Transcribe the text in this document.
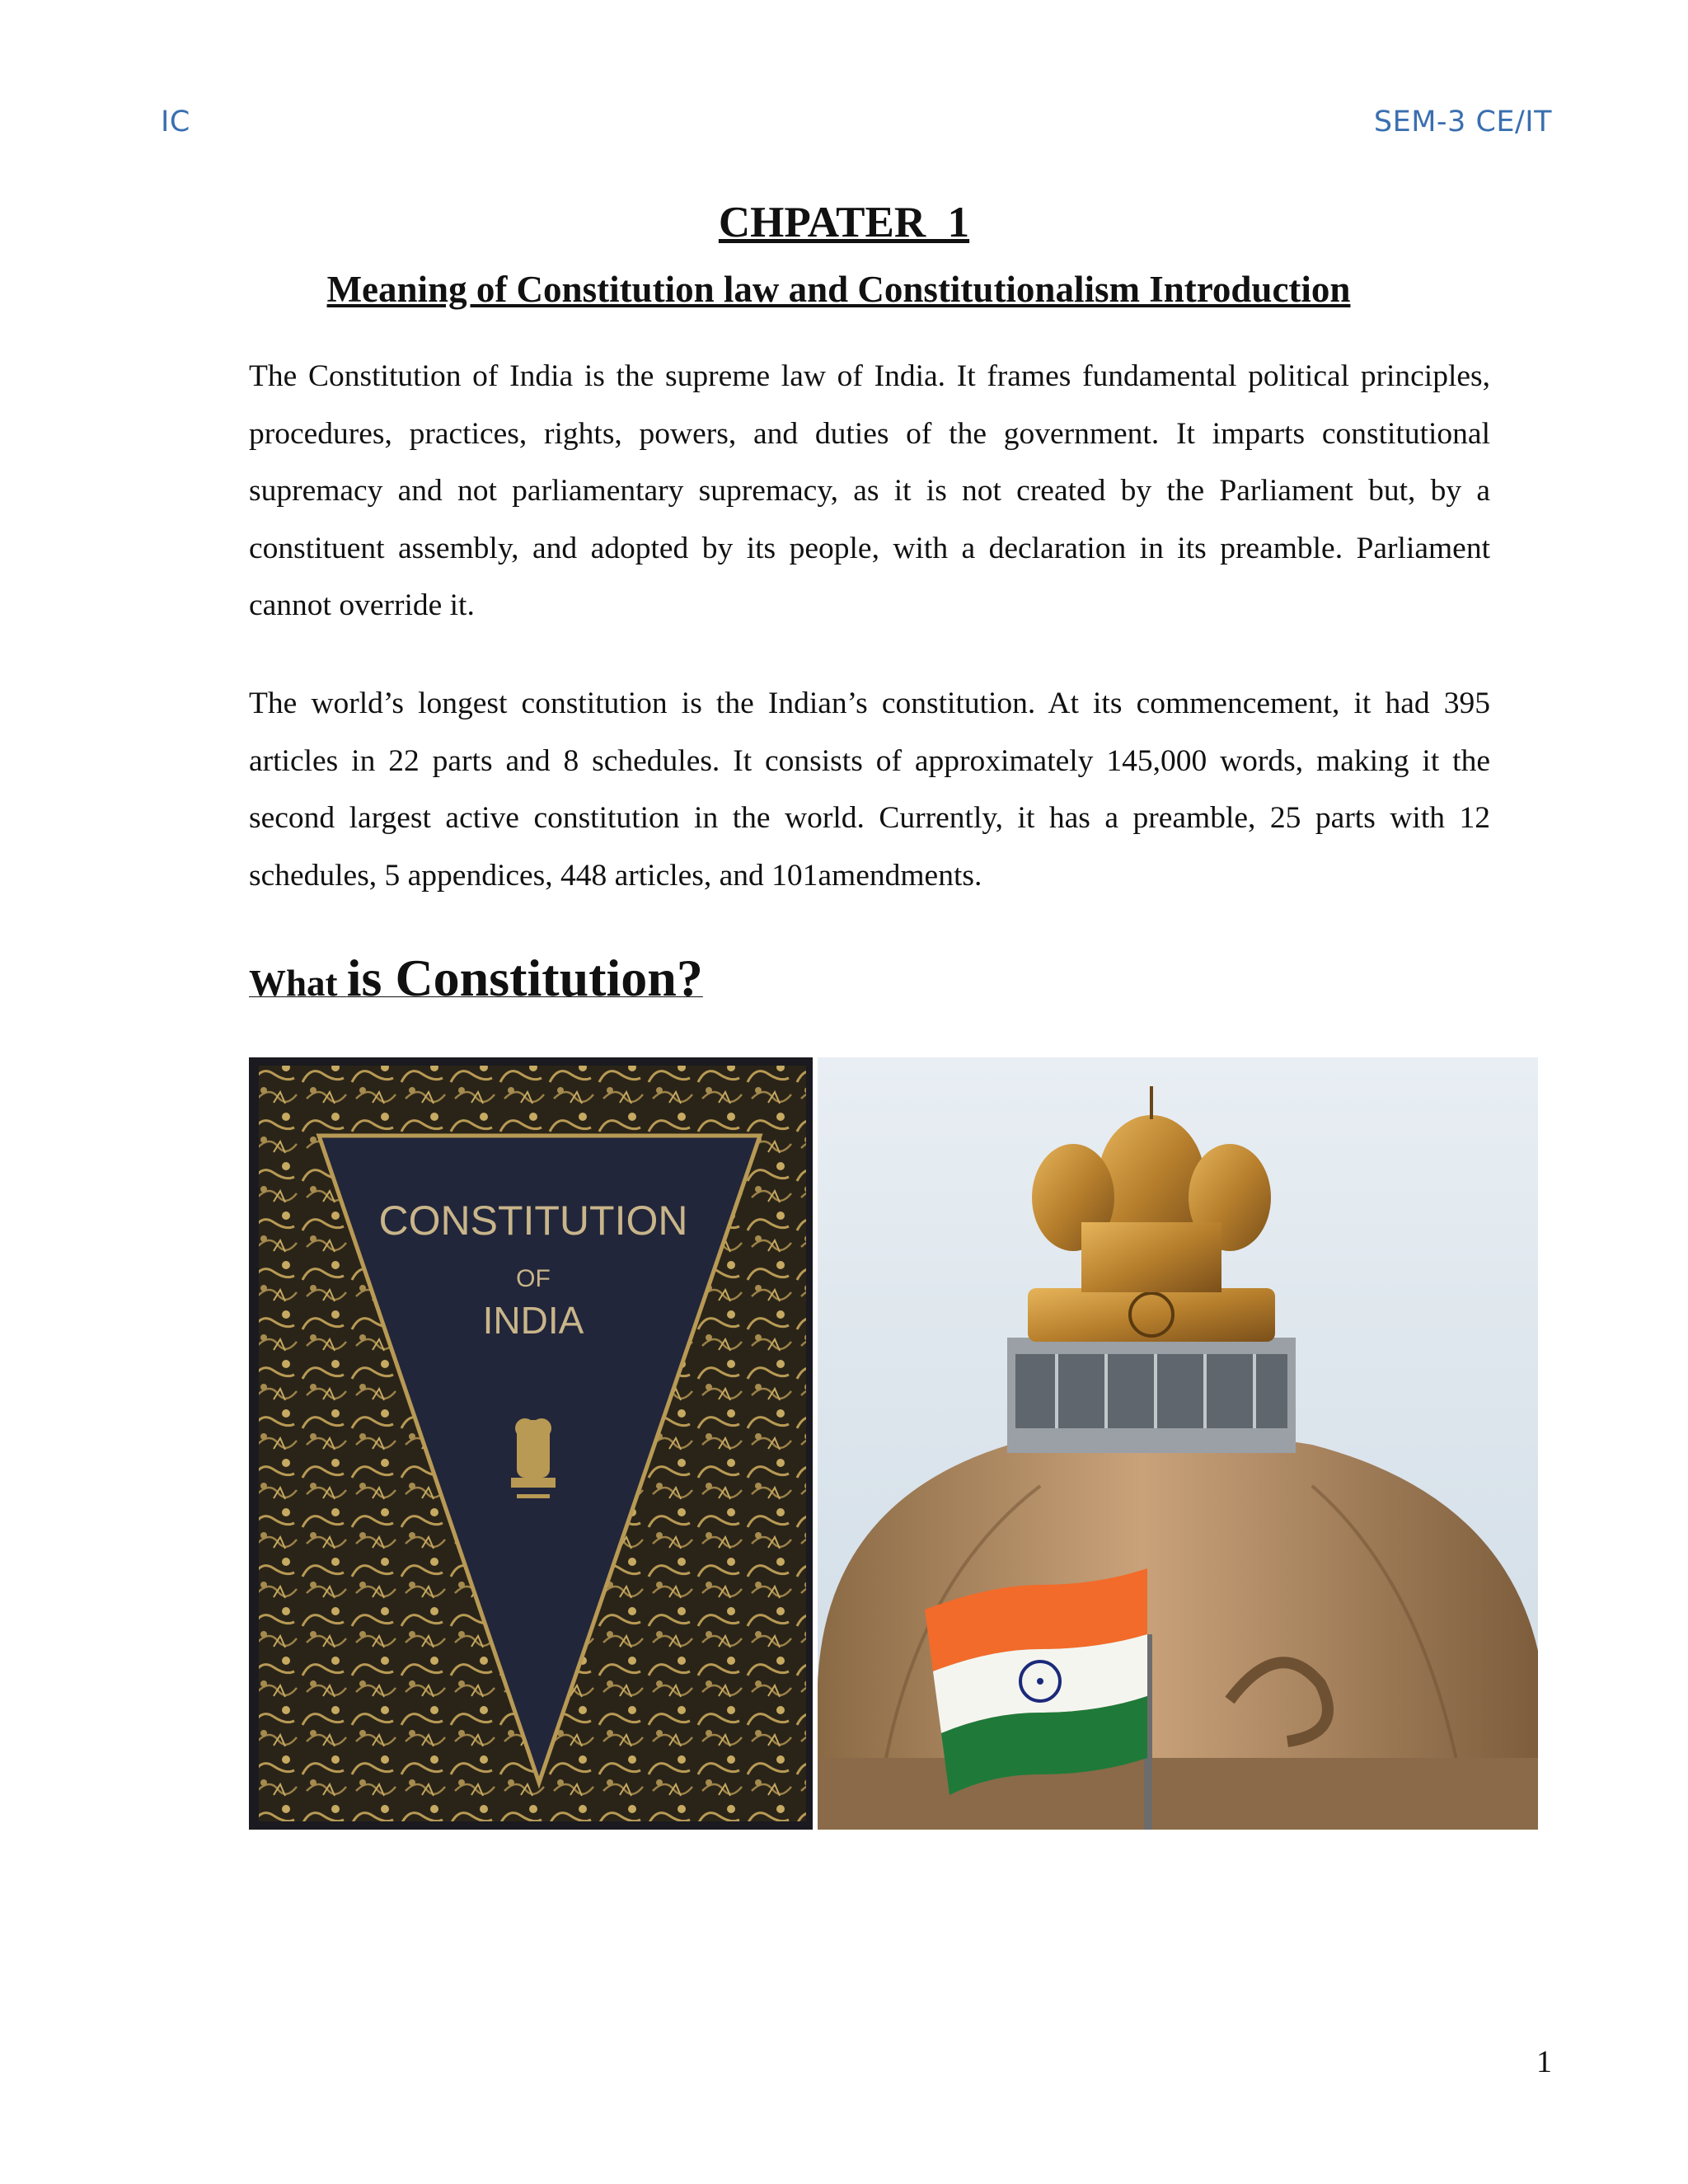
IC	SEM-3 CE/IT
CHPATER_1
Meaning of Constitution law and Constitutionalism Introduction

The Constitution of India is the supreme law of India. It frames fundamental political principles, procedures, practices, rights, powers, and duties of the government. It imparts constitutional supremacy and not parliamentary supremacy, as it is not created by the Parliament but, by a constituent assembly, and adopted by its people, with a declaration in its preamble. Parliament cannot override it.

The world’s longest constitution is the Indian’s constitution. At its commencement, it had 395 articles in 22 parts and 8 schedules. It consists of approximately 145,000 words, making it the second largest active constitution in the world. Currently, it has a preamble, 25 parts with 12 schedules, 5 appendices, 448 articles, and 101amendments.

What is Constitution?
CONSTITUTION
OF
INDIA
1
